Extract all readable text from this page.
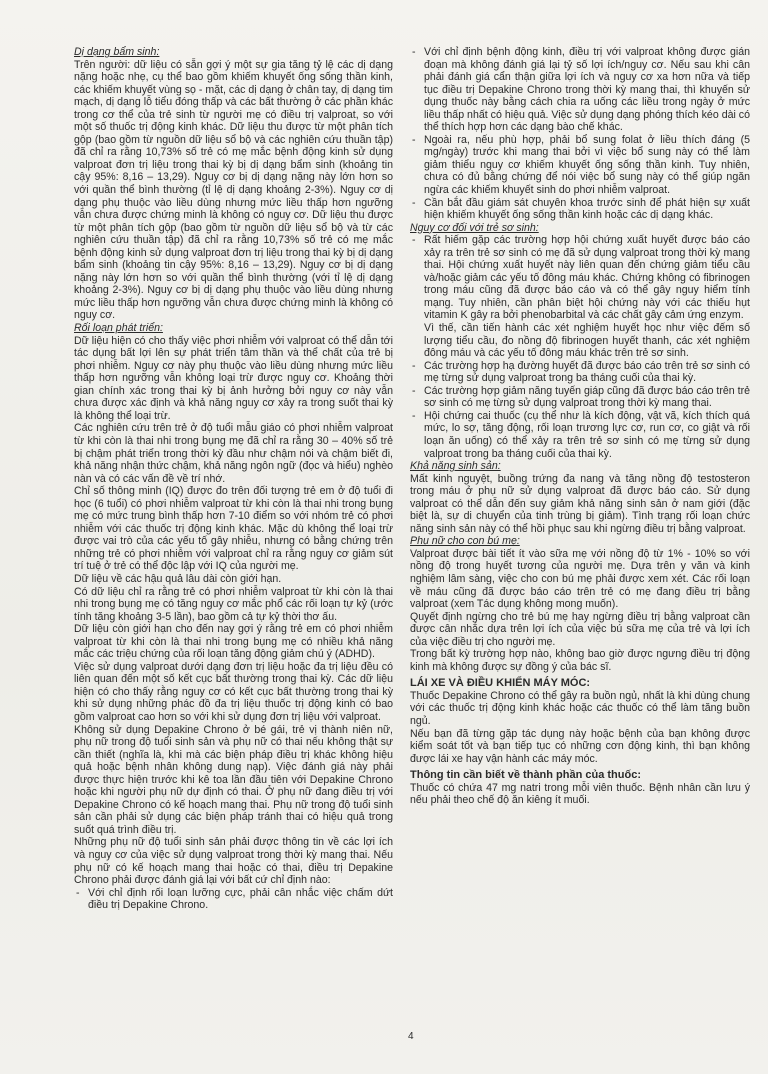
Dị dạng bẩm sinh:

Trên người: dữ liệu có sẵn gợi ý một sự gia tăng tỷ lệ các dị dạng nặng hoặc nhẹ, cụ thể bao gồm khiếm khuyết ống sống thần kinh, các khiếm khuyết vùng sọ - mặt, các dị dạng ở chân tay, dị dạng tim mạch, dị dạng lỗ tiểu đóng thấp và các bất thường ở các phần khác trong cơ thể của trẻ sinh từ người mẹ có điều trị valproat, so với một số thuốc trị động kinh khác. Dữ liệu thu được từ một phân tích gộp (bao gồm từ nguồn dữ liệu sổ bộ và các nghiên cứu thuần tập) đã chỉ ra rằng 10,73% số trẻ có mẹ mắc bệnh động kinh sử dụng valproat đơn trị liệu trong thai kỳ bị dị dạng bẩm sinh (khoảng tin cậy 95%: 8,16 – 13,29). Nguy cơ bị dị dạng nặng này lớn hơn so với quần thể bình thường (tỉ lệ dị dạng khoảng 2-3%). Nguy cơ dị dạng phụ thuộc vào liều dùng nhưng mức liều thấp hơn ngưỡng vẫn chưa được chứng minh là không có nguy cơ. Dữ liệu thu được từ một phân tích gộp (bao gồm từ nguồn dữ liệu sổ bộ và từ các nghiên cứu thuần tập) đã chỉ ra rằng 10,73% số trẻ có mẹ mắc bệnh động kinh sử dụng valproat đơn trị liệu trong thai kỳ bị dị dạng bẩm sinh (khoảng tin cậy 95%: 8,16 – 13,29). Nguy cơ bị dị dạng nặng này lớn hơn so với quần thể bình thường (với tỉ lệ dị dạng khoảng 2-3%). Nguy cơ bị dị dạng phụ thuộc vào liều dùng nhưng mức liều thấp hơn ngưỡng vẫn chưa được chứng minh là không có nguy cơ.

Rối loạn phát triển:

Dữ liệu hiện có cho thấy việc phơi nhiễm với valproat có thể dẫn tới tác dụng bất lợi lên sự phát triển tâm thần và thể chất của trẻ bị phơi nhiễm. Nguy cơ này phụ thuộc vào liều dùng nhưng mức liều thấp hơn ngưỡng vẫn không loại trừ được nguy cơ. Khoảng thời gian chính xác trong thai kỳ bị ảnh hưởng bởi nguy cơ này vẫn chưa được xác định và khả năng nguy cơ xảy ra trong suốt thai kỳ là không thể loại trừ.

Các nghiên cứu trên trẻ ở độ tuổi mẫu giáo có phơi nhiễm valproat từ khi còn là thai nhi trong bụng mẹ đã chỉ ra rằng 30 – 40% số trẻ bị chậm phát triển trong thời kỳ đầu như chậm nói và chậm biết đi, khả năng nhận thức chậm, khả năng ngôn ngữ (đọc và hiểu) nghèo nàn và có các vấn đề về trí nhớ.

Chỉ số thông minh (IQ) được đo trên đối tượng trẻ em ở độ tuổi đi học (6 tuổi) có phơi nhiễm valproat từ khi còn là thai nhi trong bụng mẹ có mức trung bình thấp hơn 7-10 điểm so với nhóm trẻ có phơi nhiễm với các thuốc trị động kinh khác. Mặc dù không thể loại trừ được vai trò của các yếu tố gây nhiễu, nhưng có bằng chứng trên những trẻ có phơi nhiễm với valproat chỉ ra rằng nguy cơ giảm sút trí tuệ ở trẻ có thể độc lập với IQ của người mẹ.

Dữ liệu về các hậu quả lâu dài còn giới hạn.

Có dữ liệu chỉ ra rằng trẻ có phơi nhiễm valproat từ khi còn là thai nhi trong bụng mẹ có tăng nguy cơ mắc phổ các rối loạn tự kỷ (ước tính tăng khoảng 3-5 lần), bao gồm cả tự kỷ thời thơ ấu.

Dữ liệu còn giới hạn cho đến nay gợi ý rằng trẻ em có phơi nhiễm valproat từ khi còn là thai nhi trong bụng mẹ có nhiều khả năng mắc các triệu chứng của rối loạn tăng động giảm chú ý (ADHD).

Việc sử dụng valproat dưới dạng đơn trị liệu hoặc đa trị liệu đều có liên quan đến một số kết cục bất thường trong thai kỳ. Các dữ liệu hiện có cho thấy rằng nguy cơ có kết cục bất thường trong thai kỳ khi sử dụng những phác đồ đa trị liệu thuốc trị động kinh có bao gồm valproat cao hơn so với khi sử dụng đơn trị liệu với valproat.

Không sử dụng Depakine Chrono ở bé gái, trẻ vị thành niên nữ, phụ nữ trong độ tuổi sinh sản và phụ nữ có thai nếu không thật sự cần thiết (nghĩa là, khi mà các biện pháp điều trị khác không hiệu quả hoặc bệnh nhân không dung nạp). Việc đánh giá này phải được thực hiện trước khi kê toa lần đầu tiên với Depakine Chrono hoặc khi người phụ nữ dự định có thai. Ở phụ nữ đang điều trị với Depakine Chrono có kế hoạch mang thai. Phụ nữ trong độ tuổi sinh sản cần phải sử dụng các biện pháp tránh thai có hiệu quả trong suốt quá trình điều trị.

Những phụ nữ độ tuổi sinh sản phải được thông tin về các lợi ích và nguy cơ của việc sử dụng valproat trong thời kỳ mang thai. Nếu phụ nữ có kế hoạch mang thai hoặc có thai, điều trị Depakine Chrono phải được đánh giá lại với bất cứ chỉ định nào:

- Với chỉ định rối loạn lưỡng cực, phải cân nhắc việc chấm dứt điều trị Depakine Chrono.

- Với chỉ định bệnh động kinh, điều trị với valproat không được gián đoạn mà không đánh giá lại tỷ số lợi ích/nguy cơ. Nếu sau khi cân phải đánh giá cẩn thận giữa lợi ích và nguy cơ xa hơn nữa và tiếp tục điều trị Depakine Chrono trong thời kỳ mang thai, thì khuyến sử dụng thuốc này bằng cách chia ra uống các liều trong ngày ở mức liều thấp nhất có hiệu quả. Việc sử dụng dạng phóng thích kéo dài có thể thích hợp hơn các dạng bào chế khác.

- Ngoài ra, nếu phù hợp, phải bổ sung folat ở liều thích đáng (5 mg/ngày) trước khi mang thai bởi vì việc bổ sung này có thể làm giảm thiểu nguy cơ khiếm khuyết ống sống thần kinh. Tuy nhiên, chưa có đủ bằng chứng để nói việc bổ sung này có thể giúp ngăn ngừa các khiếm khuyết sinh do phơi nhiễm valproat.

- Cần bắt đầu giám sát chuyên khoa trước sinh để phát hiện sự xuất hiện khiếm khuyết ống sống thần kinh hoặc các dị dạng khác.

Nguy cơ đối với trẻ sơ sinh:

- Rất hiếm gặp các trường hợp hội chứng xuất huyết được báo cáo xảy ra trên trẻ sơ sinh có mẹ đã sử dụng valproat trong thời kỳ mang thai. Hội chứng xuất huyết này liên quan đến chứng giảm tiểu cầu và/hoặc giảm các yếu tố đông máu khác. Chứng không có fibrinogen trong máu cũng đã được báo cáo và có thể gây nguy hiểm tính mạng. Tuy nhiên, cần phân biệt hội chứng này với các thiếu hụt vitamin K gây ra bởi phenobarbital và các chất gây cảm ứng enzym.

Vì thế, cần tiến hành các xét nghiệm huyết học như việc đếm số lượng tiểu cầu, đo nồng độ fibrinogen huyết thanh, các xét nghiệm đông máu và các yếu tố đông máu khác trên trẻ sơ sinh.

- Các trường hợp hạ đường huyết đã được báo cáo trên trẻ sơ sinh có mẹ từng sử dụng valproat trong ba tháng cuối của thai kỳ.

- Các trường hợp giảm năng tuyến giáp cũng đã được báo cáo trên trẻ sơ sinh có mẹ từng sử dụng valproat trong thời kỳ mang thai.

- Hội chứng cai thuốc (cụ thể như là kích động, vật vã, kích thích quá mức, lo sợ, tăng động, rối loạn trương lực cơ, run cơ, co giật và rối loạn ăn uống) có thể xảy ra trên trẻ sơ sinh có mẹ từng sử dụng valproat trong ba tháng cuối của thai kỳ.

Khả năng sinh sản:

Mất kinh nguyệt, buồng trứng đa nang và tăng nồng độ testosteron trong máu ở phụ nữ sử dụng valproat đã được báo cáo. Sử dụng valproat có thể dẫn đến suy giảm khả năng sinh sản ở nam giới (đặc biệt là, sự di chuyển của tinh trùng bị giảm). Tình trạng rối loạn chức năng sinh sản này có thể hồi phục sau khi ngừng điều trị bằng valproat.

Phụ nữ cho con bú mẹ:

Valproat được bài tiết ít vào sữa mẹ với nồng độ từ 1% - 10% so với nồng độ trong huyết tương của người mẹ. Dựa trên y văn và kinh nghiệm lâm sàng, việc cho con bú mẹ phải được xem xét. Các rối loạn về máu cũng đã được báo cáo trên trẻ có mẹ đang điều trị bằng valproat (xem Tác dụng không mong muốn).

Quyết định ngừng cho trẻ bú mẹ hay ngừng điều trị bằng valproat cần được cân nhắc dựa trên lợi ích của việc bú sữa mẹ của trẻ và lợi ích của việc điều trị cho người mẹ.

Trong bất kỳ trường hợp nào, không bao giờ được ngưng điều trị động kinh mà không được sự đồng ý của bác sĩ.

LÁI XE VÀ ĐIỀU KHIỂN MÁY MÓC:

Thuốc Depakine Chrono có thể gây ra buồn ngủ, nhất là khi dùng chung với các thuốc trị động kinh khác hoặc các thuốc có thể làm tăng buồn ngủ.

Nếu bạn đã từng gặp tác dụng này hoặc bệnh của bạn không được kiểm soát tốt và bạn tiếp tục có những cơn động kinh, thì bạn không được lái xe hay vận hành các máy móc.

Thông tin cần biết về thành phần của thuốc:

Thuốc có chứa 47 mg natri trong mỗi viên thuốc. Bệnh nhân cần lưu ý nếu phải theo chế độ ăn kiêng ít muối.

4
